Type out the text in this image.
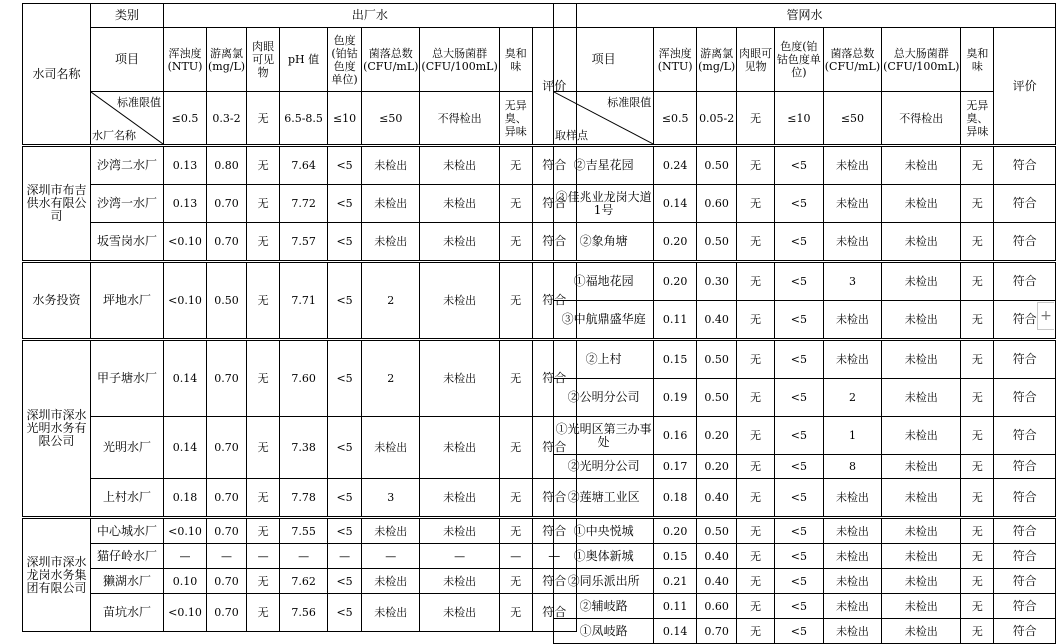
水司名称	类别	出厂水								
	项目	浑浊度(NTU)	游离氯(mg/L)	肉眼可见物	pH 值	色度(铂钴色度单位)	菌落总数(CFU/mL)	总大肠菌群(CFU/100mL)	臭和味	评价

	标准限值
水厂名称	≤0.5	0.3-2	无	6.5-8.5	≤10	≤50	不得检出	无异臭、异味	

深圳市布吉供水有限公司	沙湾二水厂	0.13	0.80	无	7.64	<5	未检出	未检出	无	符合
	沙湾一水厂	0.13	0.70	无	7.72	<5	未检出	未检出	无	符合
	坂雪岗水厂	<0.10	0.70	无	7.57	<5	未检出	未检出	无	符合

水务投资	坪地水厂	<0.10	0.50	无	7.71	<5	2	未检出	无	符合

深圳市深水光明水务有限公司	甲子塘水厂	0.14	0.70	无	7.60	<5	2	未检出	无	符合
	光明水厂	0.14	0.70	无	7.38	<5	未检出	未检出	无	符合
	上村水厂	0.18	0.70	无	7.78	<5	3	未检出	无	符合

深圳市深水龙岗水务集团有限公司	中心城水厂	<0.10	0.70	无	7.55	<5	未检出	未检出	无	符合
	猫仔岭水厂	—	—	—	—	—	—	—	—	—
	獭湖水厂	0.10	0.70	无	7.62	<5	未检出	未检出	无	符合
	苗坑水厂	<0.10	0.70	无	7.56	<5	未检出	未检出	无	符合
管网水								
项目	浑浊度(NTU)	游离氯(mg/L)	肉眼可见物	色度(铂钴色度单位)	菌落总数(CFU/mL)	总大肠菌群(CFU/100mL)	臭和味	评价

标准限值
取样点	≤0.5	0.05-2	无	≤10	≤50	不得检出	无异臭、异味	

②吉星花园	0.24	0.50	无	<5	未检出	未检出	无	符合
③佳兆业龙岗大道1号	0.14	0.60	无	<5	未检出	未检出	无	符合
②象角塘	0.20	0.50	无	<5	未检出	未检出	无	符合

①福地花园	0.20	0.30	无	<5	3	未检出	无	符合
③中航鼎盛华庭	0.11	0.40	无	<5	未检出	未检出	无	符合

②上村	0.15	0.50	无	<5	未检出	未检出	无	符合
②公明分公司	0.19	0.50	无	<5	2	未检出	无	符合
①光明区第三办事处	0.16	0.20	无	<5	1	未检出	无	符合
②光明分公司	0.17	0.20	无	<5	8	未检出	无	符合
②莲塘工业区	0.18	0.40	无	<5	未检出	未检出	无	符合

①中央悦城	0.20	0.50	无	<5	未检出	未检出	无	符合
①奥体新城	0.15	0.40	无	<5	未检出	未检出	无	符合
②同乐派出所	0.21	0.40	无	<5	未检出	未检出	无	符合
②辅岐路	0.11	0.60	无	<5	未检出	未检出	无	符合
①凤岐路	0.14	0.70	无	<5	未检出	未检出	无	符合
+
